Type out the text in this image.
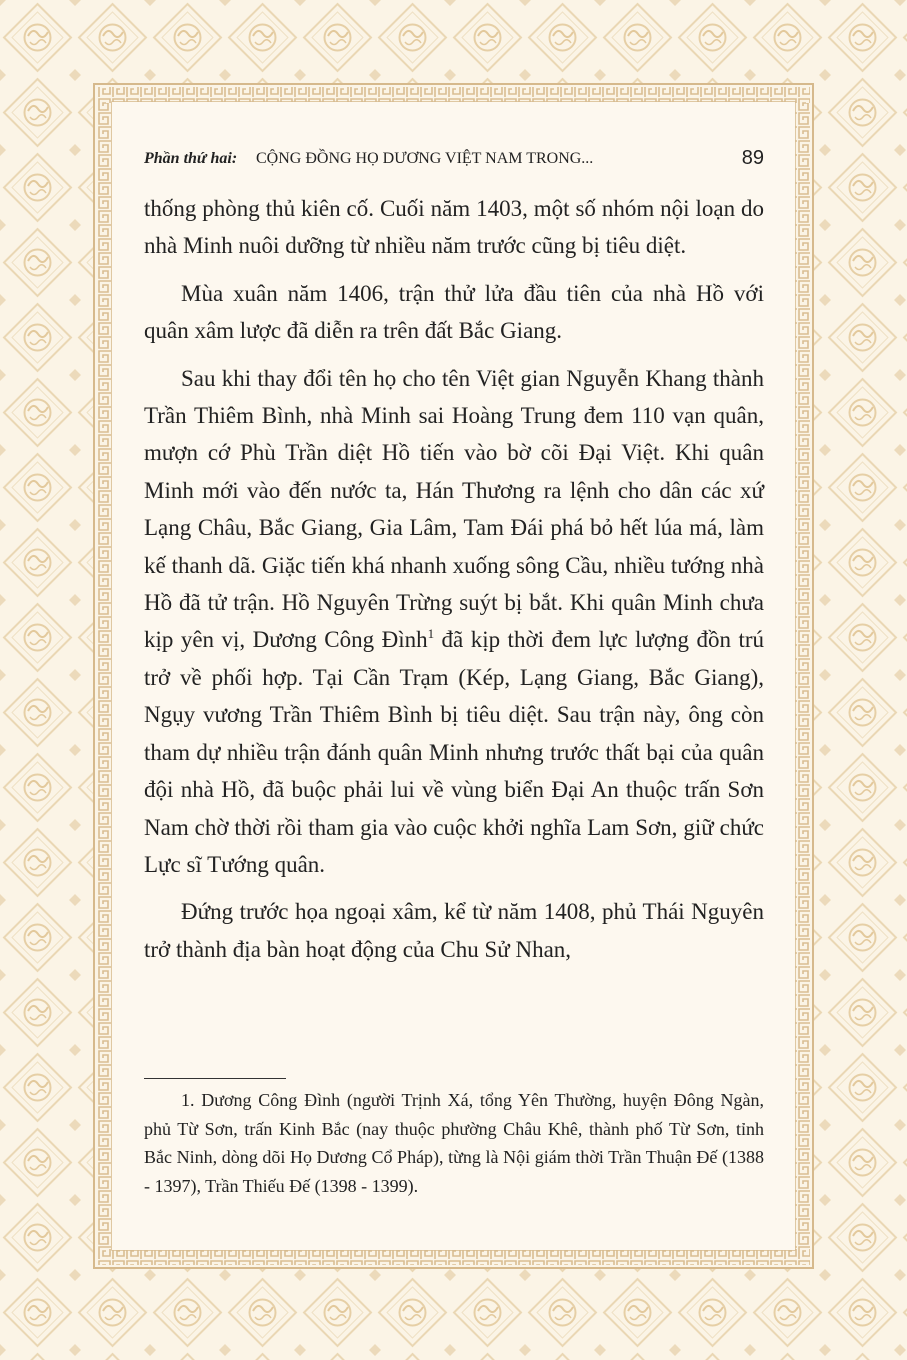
Phần thứ hai: CỘNG ĐỒNG HỌ DƯƠNG VIỆT NAM TRONG...	89

thống phòng thủ kiên cố. Cuối năm 1403, một số nhóm nội loạn do nhà Minh nuôi dưỡng từ nhiều năm trước cũng bị tiêu diệt.

Mùa xuân năm 1406, trận thử lửa đầu tiên của nhà Hồ với quân xâm lược đã diễn ra trên đất Bắc Giang.

Sau khi thay đổi tên họ cho tên Việt gian Nguyễn Khang thành Trần Thiêm Bình, nhà Minh sai Hoàng Trung đem 110 vạn quân, mượn cớ Phù Trần diệt Hồ tiến vào bờ cõi Đại Việt. Khi quân Minh mới vào đến nước ta, Hán Thương ra lệnh cho dân các xứ Lạng Châu, Bắc Giang, Gia Lâm, Tam Đái phá bỏ hết lúa má, làm kế thanh dã. Giặc tiến khá nhanh xuống sông Cầu, nhiều tướng nhà Hồ đã tử trận. Hồ Nguyên Trừng suýt bị bắt. Khi quân Minh chưa kịp yên vị, Dương Công Đình$^1$ đã kịp thời đem lực lượng đồn trú trở về phối hợp. Tại Cần Trạm (Kép, Lạng Giang, Bắc Giang), Ngụy vương Trần Thiêm Bình bị tiêu diệt. Sau trận này, ông còn tham dự nhiều trận đánh quân Minh nhưng trước thất bại của quân đội nhà Hồ, đã buộc phải lui về vùng biển Đại An thuộc trấn Sơn Nam chờ thời rồi tham gia vào cuộc khởi nghĩa Lam Sơn, giữ chức Lực sĩ Tướng quân.

Đứng trước họa ngoại xâm, kể từ năm 1408, phủ Thái Nguyên trở thành địa bàn hoạt động của Chu Sử Nhan,

1. Dương Công Đình (người Trịnh Xá, tổng Yên Thường, huyện Đông Ngàn, phủ Từ Sơn, trấn Kinh Bắc (nay thuộc phường Châu Khê, thành phố Từ Sơn, tỉnh Bắc Ninh, dòng dõi Họ Dương Cổ Pháp), từng là Nội giám thời Trần Thuận Đế (1388 - 1397), Trần Thiếu Đế (1398 - 1399).
